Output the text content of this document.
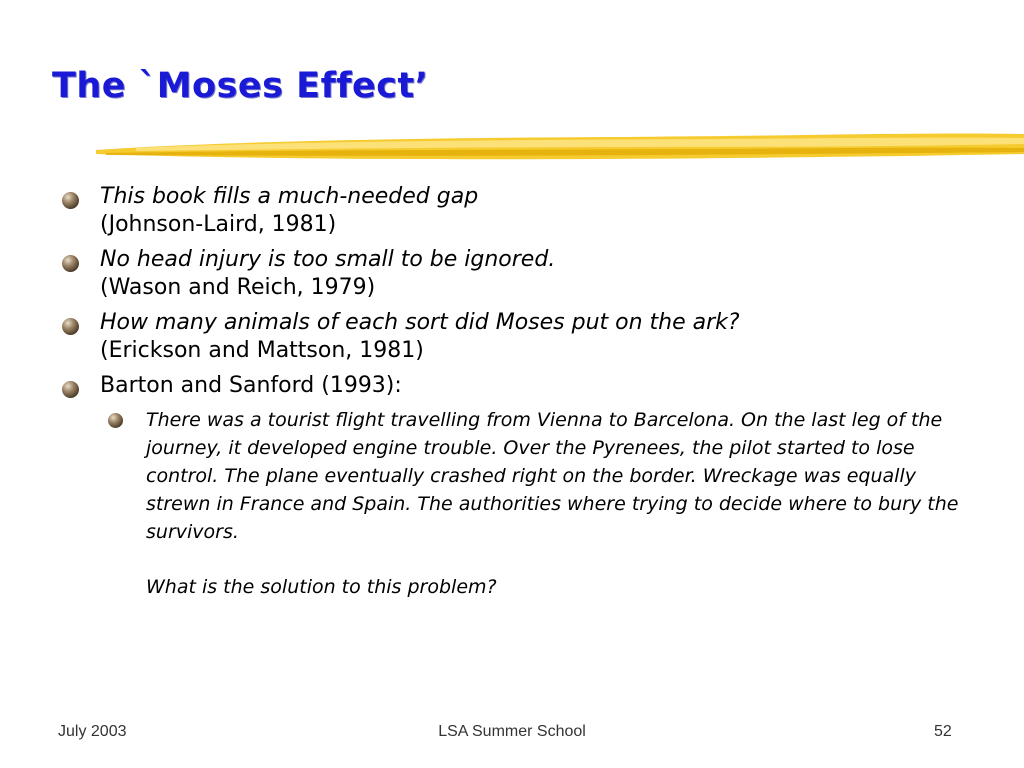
The `Moses Effect’
This book fills a much-needed gap
(Johnson-Laird, 1981)
No head injury is too small to be ignored.
(Wason and Reich, 1979)
How many animals of each sort did Moses put on the ark?
(Erickson and Mattson, 1981)
Barton and Sanford (1993):
There was a tourist flight travelling from Vienna to Barcelona. On the last leg of the journey, it developed engine trouble. Over the Pyrenees, the pilot started to lose control. The plane eventually crashed right on the border. Wreckage was equally strewn in France and Spain. The authorities where trying to decide where to bury the survivors.
What is the solution to this problem?
July 2003	LSA Summer School	52
